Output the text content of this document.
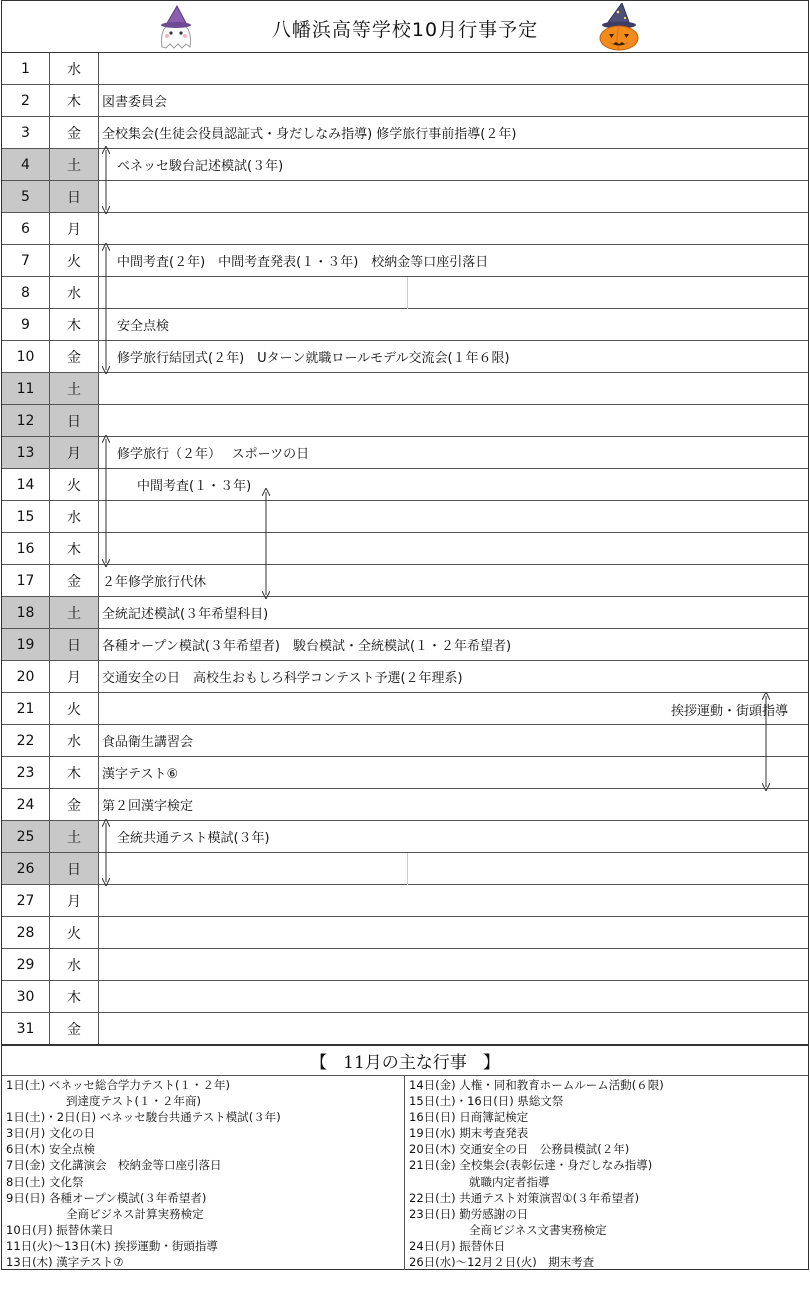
八幡浜高等学校10月行事予定
1	水
2	木	図書委員会
3	金	全校集会(生徒会役員認証式・身だしなみ指導) 修学旅行事前指導(２年)
4	土	ベネッセ駿台記述模試(３年)
5	日
6	月
7	火	中間考査(２年)　中間考査発表(１・３年)　校納金等口座引落日
8	水
9	木	安全点検
10	金	修学旅行結団式(２年)　Uターン就職ロールモデル交流会(１年６限)
11	土
12	日
13	月	修学旅行（２年）　 スポーツの日
14	火	中間考査(１・３年)
15	水
16	木
17	金	２年修学旅行代休
18	土	全統記述模試(３年希望科目)
19	日	各種オープン模試(３年希望者)　駿台模試・全統模試(１・２年希望者)
20	月	交通安全の日　高校生おもしろ科学コンテスト予選(２年理系)
21	火	挨拶運動・街頭指導
22	水	食品衛生講習会
23	木	漢字テスト⑥
24	金	第２回漢字検定
25	土	全統共通テスト模試(３年)
26	日
27	月
28	火
29	水
30	木
31	金
【 11月の主な行事 】
1日(土) ベネッセ総合学力テスト(１・２年)
到達度テスト(１・２年商)
1日(土)・2日(日) ベネッセ駿台共通テスト模試(３年)
3日(月) 文化の日
6日(木) 安全点検
7日(金) 文化講演会　校納金等口座引落日
8日(土) 文化祭
9日(日) 各種オープン模試(３年希望者)
全商ビジネス計算実務検定
10日(月) 振替休業日
11日(火)～13日(木) 挨拶運動・街頭指導
13日(木) 漢字テスト⑦
14日(金) 人権・同和教育ホームルーム活動(６限)
15日(土)・16日(日) 県総文祭
16日(日) 日商簿記検定
19日(水) 期末考査発表
20日(木) 交通安全の日　公務員模試(２年)
21日(金) 全校集会(表彰伝達・身だしなみ指導)
就職内定者指導
22日(土) 共通テスト対策演習①(３年希望者)
23日(日) 勤労感謝の日
全商ビジネス文書実務検定
24日(月) 振替休日
26日(水)～12月２日(火)　期末考査
